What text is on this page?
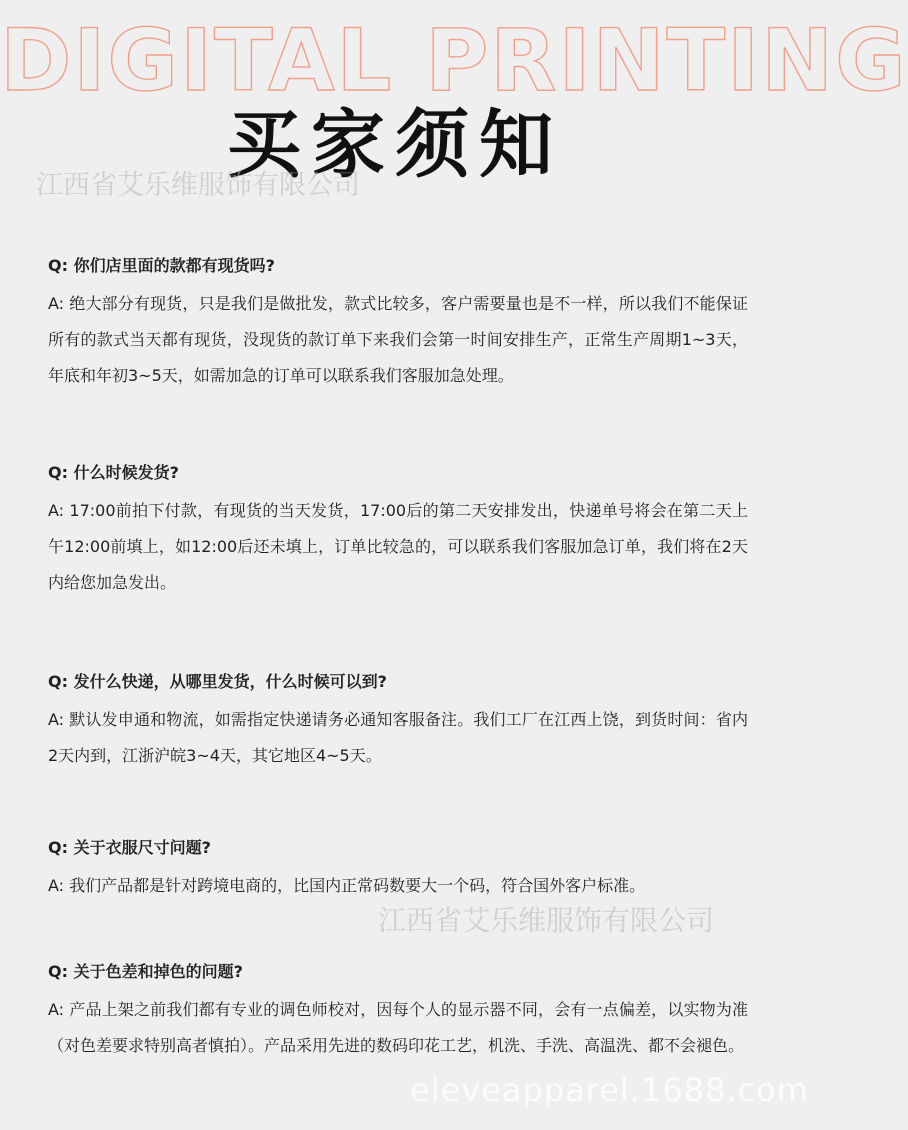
DIGITAL PRINTING
买家须知
江西省艾乐维服饰有限公司

Q: 你们店里面的款都有现货吗?

A: 绝大部分有现货，只是我们是做批发，款式比较多，客户需要量也是不一样，所以我们不能保证所有的款式当天都有现货，没现货的款订单下来我们会第一时间安排生产，正常生产周期1~3天，年底和年初3~5天，如需加急的订单可以联系我们客服加急处理。

Q: 什么时候发货?

A: 17:00前拍下付款，有现货的当天发货，17:00后的第二天安排发出，快递单号将会在第二天上午12:00前填上，如12:00后还未填上，订单比较急的，可以联系我们客服加急订单，我们将在2天内给您加急发出。

Q: 发什么快递，从哪里发货，什么时候可以到?

A: 默认发申通和物流，如需指定快递请务必通知客服备注。我们工厂在江西上饶，到货时间：省内2天内到，江浙沪皖3~4天，其它地区4~5天。

Q: 关于衣服尺寸问题?

A: 我们产品都是针对跨境电商的，比国内正常码数要大一个码，符合国外客户标准。

Q: 关于色差和掉色的问题?

A: 产品上架之前我们都有专业的调色师校对，因每个人的显示器不同，会有一点偏差，以实物为准（对色差要求特别高者慎拍）。产品采用先进的数码印花工艺，机洗、手洗、高温洗、都不会褪色。

江西省艾乐维服饰有限公司
eleveapparel.1688.com
